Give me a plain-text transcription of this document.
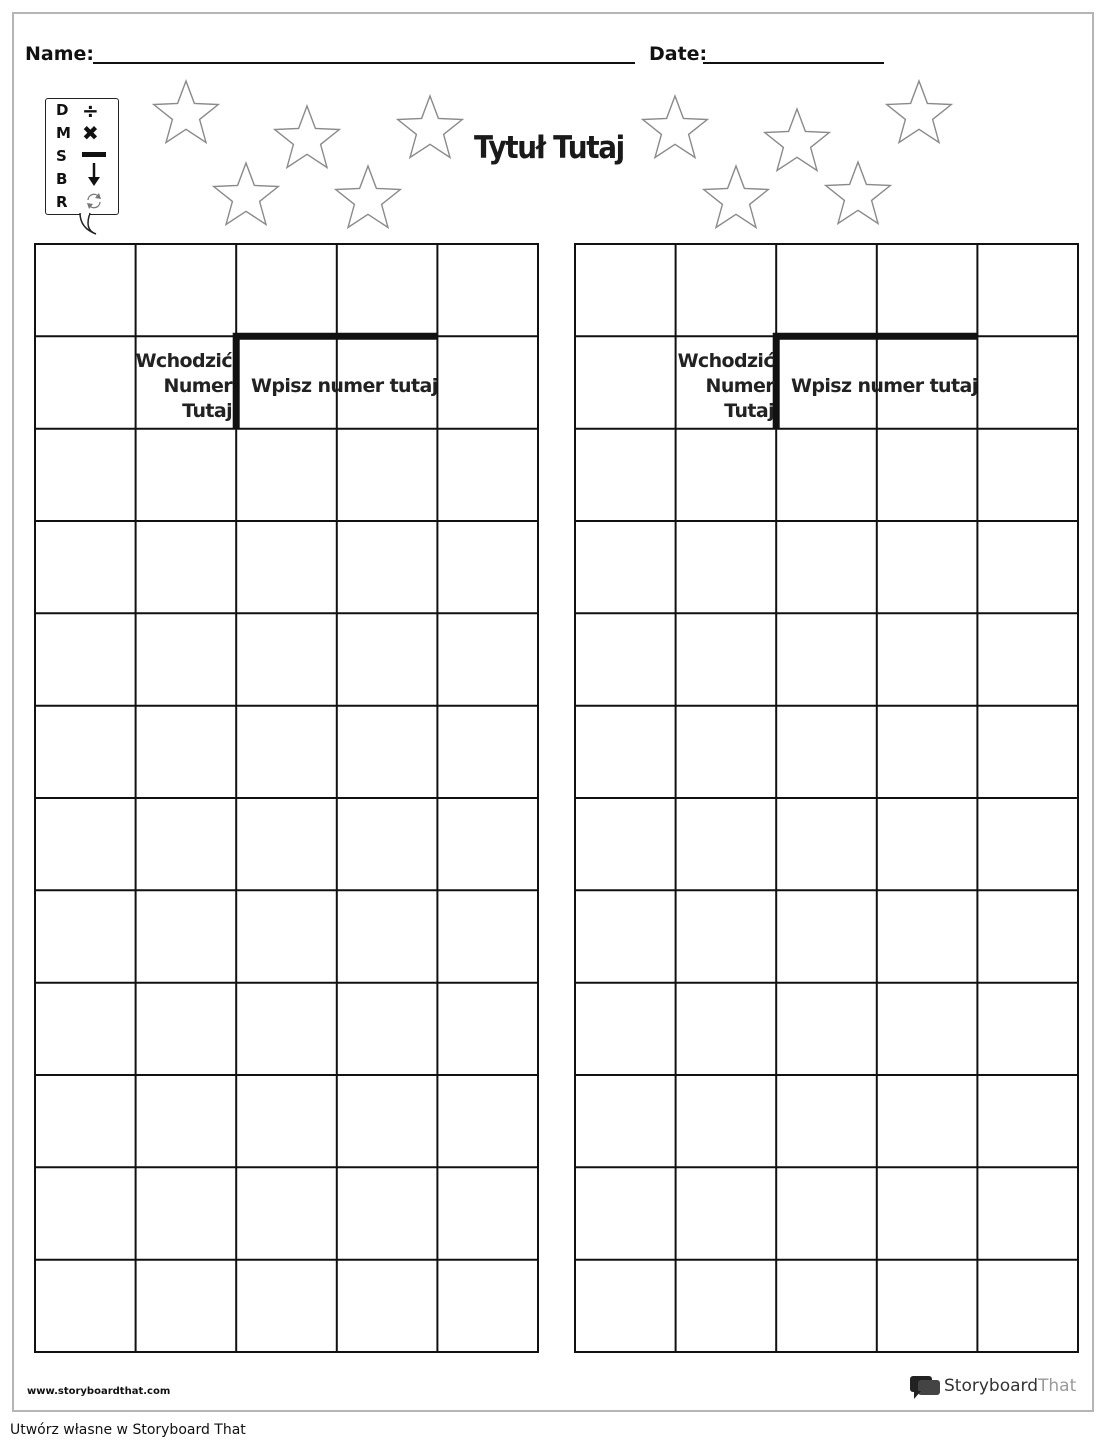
Name:	Date:
Tytuł Tutaj
D
M
S
B
R
÷
✖
Wchodzić
Numer
Tutaj
Wpisz numer tutaj
Wchodzić
Numer
Tutaj
Wpisz numer tutaj
www.storyboardthat.com	StoryboardThat
Utwórz własne w Storyboard That
